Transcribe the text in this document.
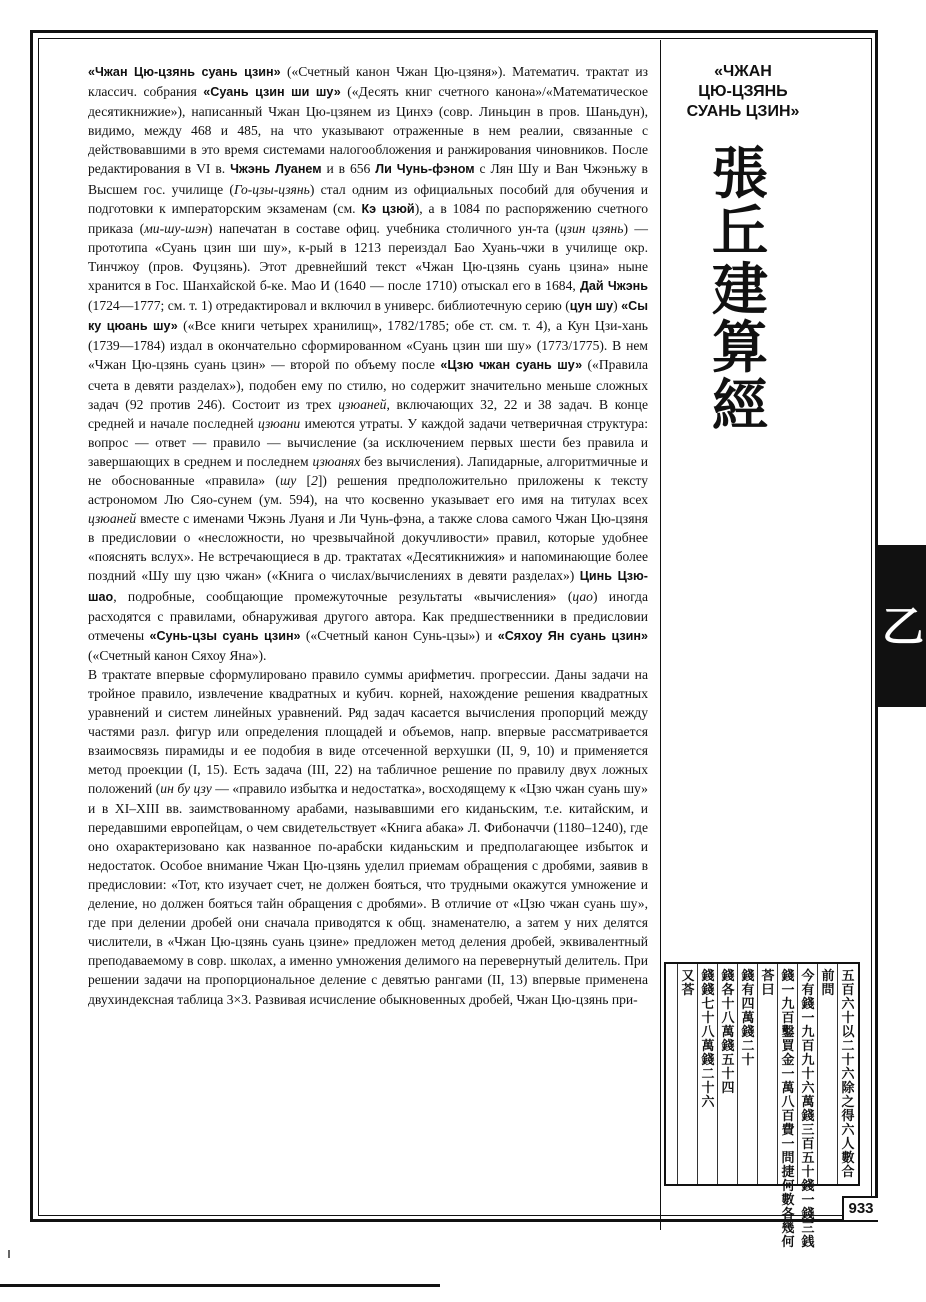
«Чжан Цю-цзянь суань цзин» («Счетный канон Чжан Цю-цзяня»). Математич. трактат из классич. собрания «Суань цзин ши шу» («Десять книг счетного канона»/«Математическое десятикнижие»), написанный Чжан Цю-цзянем из Цинхэ (совр. Линьцин в пров. Шаньдун), видимо, между 468 и 485, на что указывают отраженные в нем реалии, связанные с действовавшими в это время системами налогообложения и ранжирования чиновников. После редактирования в VI в. Чжэнь Луанем и в 656 Ли Чунь-фэном с Лян Шу и Ван Чжэньжу в Высшем гос. училище (Го-цзы-цзянь) стал одним из официальных пособий для обучения и подготовки к императорским экзаменам (см. Кэ цзюй), а в 1084 по распоряжению счетного приказа (ми-шу-шэн) напечатан в составе офиц. учебника столичного ун-та (цзин цзянь) — прототипа «Суань цзин ши шу», к-рый в 1213 переиздал Бао Хуань-чжи в училище окр. Тинчжоу (пров. Фуцзянь). Этот древнейший текст «Чжан Цю-цзянь суань цзина» ныне хранится в Гос. Шанхайской б-ке. Мао И (1640 — после 1710) отыскал его в 1684, Дай Чжэнь (1724—1777; см. т. 1) отредактировал и включил в универс. библиотечную серию (цун шу) «Сы ку цюань шу» («Все книги четырех хранилищ», 1782/1785; обе ст. см. т. 4), а Кун Цзи-хань (1739—1784) издал в окончательно сформированном «Суань цзин ши шу» (1773/1775). В нем «Чжан Цю-цзянь суань цзин» — второй по объему после «Цзю чжан суань шу» («Правила счета в девяти разделах»), подобен ему по стилю, но содержит значительно меньше сложных задач (92 против 246). Состоит из трех цзюаней, включающих 32, 22 и 38 задач. В конце средней и начале последней цзюани имеются утраты. У каждой задачи четверичная структура: вопрос — ответ — правило — вычисление (за исключением первых шести без правила и завершающих в среднем и последнем цзюанях без вычисления). Лапидарные, алгоритмичные и не обоснованные «правила» (шу [2]) решения предположительно приложены к тексту астрономом Лю Сяо-сунем (ум. 594), на что косвенно указывает его имя на титулах всех цзюаней вместе с именами Чжэнь Луаня и Ли Чунь-фэна, а также слова самого Чжан Цю-цзяня в предисловии о «несложности, но чрезвычайной докучливости» правил, которые удобнее «пояснять вслух». Не встречающиеся в др. трактатах «Десятикнижия» и напоминающие более поздний «Шу шу цзю чжан» («Книга о числах/вычислениях в девяти разделах») Цинь Цзю-шао, подробные, сообщающие промежуточные результаты «вычисления» (цао) иногда расходятся с правилами, обнаруживая другого автора. Как предшественники в предисловии отмечены «Сунь-цзы суань цзин» («Счетный канон Сунь-цзы») и «Сяхоу Ян суань цзин» («Счетный канон Сяхоу Яна»).

В трактате впервые сформулировано правило суммы арифметич. прогрессии. Даны задачи на тройное правило, извлечение квадратных и кубич. корней, нахождение решения квадратных уравнений и систем линейных уравнений. Ряд задач касается вычисления пропорций между частями разл. фигур или определения площадей и объемов, напр. впервые рассматривается взаимосвязь пирамиды и ее подобия в виде отсеченной верхушки (II, 9, 10) и применяется метод проекции (I, 15). Есть задача (III, 22) на табличное решение по правилу двух ложных положений (ин бу цзу — «правило избытка и недостатка», восходящему к «Цзю чжан суань шу» и в XI–XIII вв. заимствованному арабами, называвшими его киданьским, т.е. китайским, и передавшими европейцам, о чем свидетельствует «Книга абака» Л. Фибоначчи (1180–1240), где оно охарактеризовано как названное по-арабски киданьским и предполагающее избыток и недостаток. Особое внимание Чжан Цю-цзянь уделил приемам обращения с дробями, заявив в предисловии: «Тот, кто изучает счет, не должен бояться, что трудными окажутся умножение и деление, но должен бояться тайн обращения с дробями». В отличие от «Цзю чжан суань шу», где при делении дробей они сначала приводятся к общ. знаменателю, а затем у них делятся числители, в «Чжан Цю-цзянь суань цзине» предложен метод деления дробей, эквивалентный преподаваемому в совр. школах, а именно умножения делимого на перевернутый делитель. При решении задачи на пропорциональное деление с девятью рангами (II, 13) впервые применена двухиндексная таблица 3×3. Развивая исчисление обыкновенных дробей, Чжан Цю-цзянь при-

«ЧЖАН
ЦЮ-ЦЗЯНЬ
СУАНЬ ЦЗИН»
張
丘
建
算
經
乙
五百六十以二十六除之得六人數合
前問
今有錢一九百九十六萬錢三百五十錢一錢三銭
錢一九百鑿買金一萬八百費一問捷何數各幾何
荅曰
錢有四萬錢二十
錢各十八萬錢五十四
錢錢七十八萬錢二十六
又荅
933
